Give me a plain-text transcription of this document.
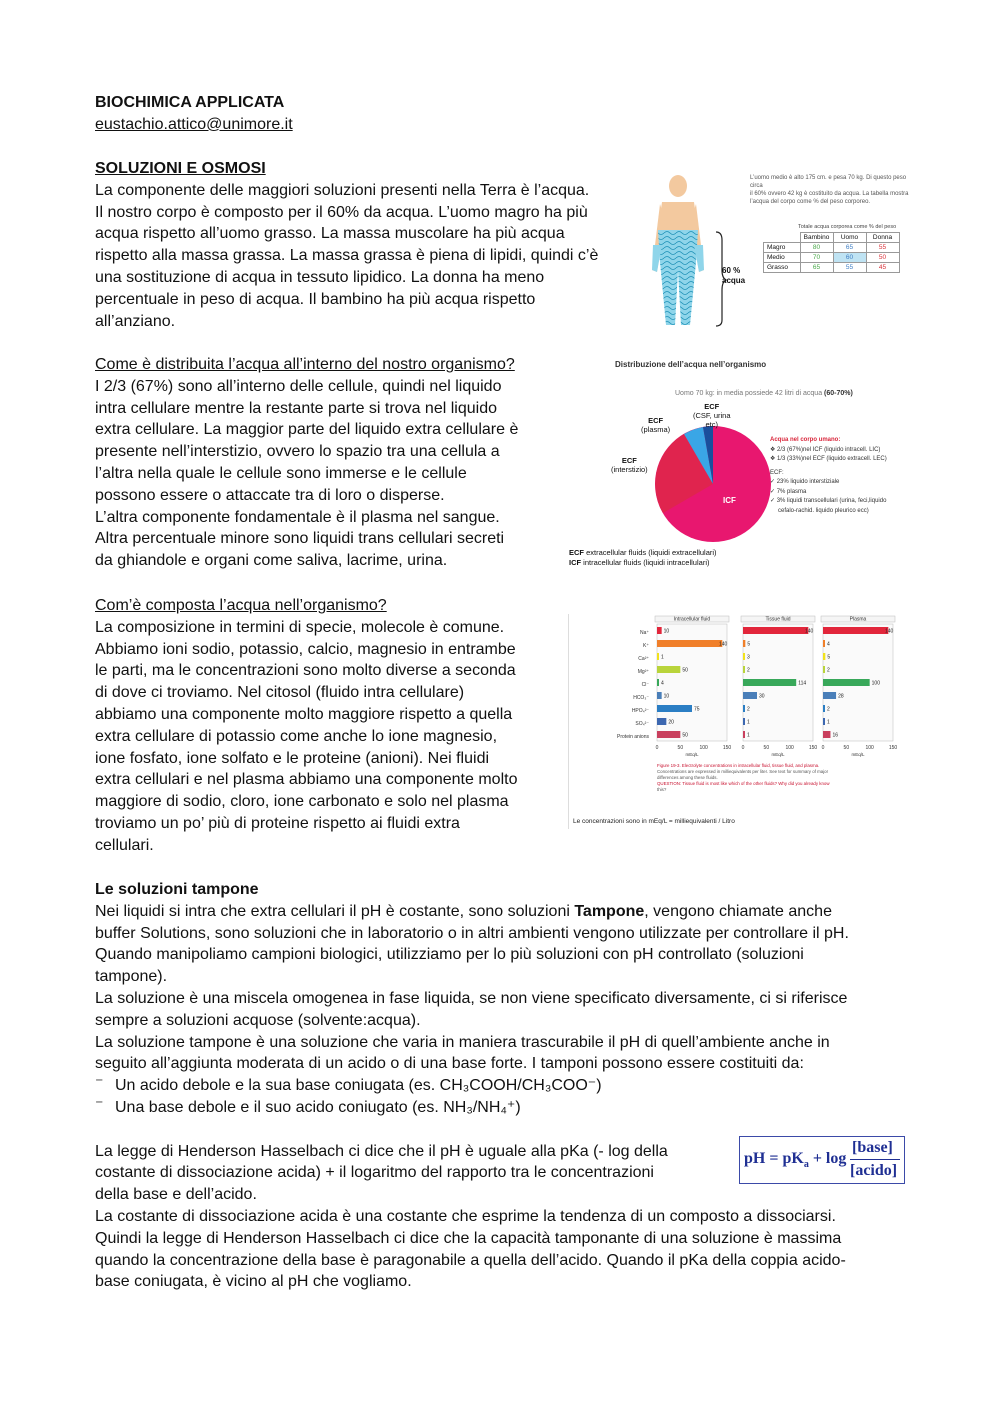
BIOCHIMICA APPLICATA

eustachio.attico@unimore.it

SOLUZIONI E OSMOSI

La componente delle maggiori soluzioni presenti nella Terra è l’acqua.

Il nostro corpo è composto per il 60% da acqua. L’uomo magro ha più

acqua rispetto all’uomo grasso. La massa muscolare ha più acqua

rispetto alla massa grassa. La massa grassa è piena di lipidi, quindi c’è

una sostituzione di acqua in tessuto lipidico. La donna ha meno

percentuale in peso di acqua. Il bambino ha più acqua rispetto

all’anziano.

60 %
acqua
L’uomo medio è alto 175 cm. e pesa 70 kg. Di questo peso circa
il 60% ovvero 42 kg è costituito da acqua. La tabella mostra
l’acqua del corpo come % del peso corporeo.
Totale acqua corporea come % del peso
	Bambino	Uomo	Donna
Magro	80	65	55
Medio	70	60	50
Grasso	65	55	45

Come è distribuita l’acqua all’interno del nostro organismo?

I 2/3 (67%) sono all’interno delle cellule, quindi nel liquido

intra cellulare mentre la restante parte si trova nel liquido

extra cellulare. La maggior parte del liquido extra cellulare è

presente nell’interstizio, ovvero lo spazio tra una cellula a

l’altra nella quale le cellule sono immerse e le cellule

possono essere o attaccate tra di loro o disperse.

L’altra componente fondamentale è il plasma nel sangue.

Altra percentuale minore sono liquidi trans cellulari secreti

da ghiandole e organi come saliva, lacrime, urina.

Distribuzione dell’acqua nell’organismo
Uomo 70 kg: in media possiede 42 litri di acqua (60-70%)
ECF
(CSF, urina
etc)
ECF
(plasma)
ECF
(interstizio)
ICF
Acqua nel corpo umano:
❖ 2/3 (67%)nel ICF (liquido intracell. LIC)
❖ 1/3 (33%)nel ECF (liquido extracell. LEC)
ECF:
✓ 23% liquido interstiziale
✓ 7% plasma
✓ 3% liquidi transcellulari (urina, feci,liquido
cefalo-rachid. liquido pleurico ecc)
ECF extracellular fluids (liquidi extracellulari)
ICF intracellular fluids (liquidi intracellulari)

Com’è composta l’acqua nell’organismo?

La composizione in termini di specie, molecole è comune.

Abbiamo ioni sodio, potassio, calcio, magnesio in entrambe

le parti, ma le concentrazioni sono molto diverse a seconda

di dove ci troviamo. Nel citosol (fluido intra cellulare)

abbiamo una componente molto maggiore rispetto a quella

extra cellulare di potassio come anche lo ione magnesio,

ione fosfato, ione solfato e le proteine (anioni). Nei fluidi

extra cellulari e nel plasma abbiamo una componente molto

maggiore di sodio, cloro, ione carbonato e solo nel plasma

troviamo un po’ più di proteine rispetto ai fluidi extra

cellulari.

Na⁺
K⁺
Ca²⁺
Mg²⁺
Cl⁻
HCO₃⁻
HPO₄²⁻
SO₄²⁻
Protein anions
Intracellular fluid
10
140
1
50
4
10
75
20
50
0	50	100	150
mEq/L
Tissue fluid
140
5
3
2
114
30
2
1
1
0	50	100	150
mEq/L
Plasma
140
4
5
2
100
28
2
1
16
0	50	100	150
mEq/L
Figure 19-3. Electrolyte concentrations in intracellular fluid, tissue fluid, and plasma.
Concentrations are expressed in milliequivalents per liter. See text for summary of major
differences among these fluids.
QUESTION: Tissue fluid is most like which of the other fluids? Why did you already know
this?
Le concentrazioni sono in mEq/L = milliequivalenti / Litro

Le soluzioni tampone

Nei liquidi si intra che extra cellulari il pH è costante, sono soluzioni Tampone, vengono chiamate anche

buffer Solutions, sono soluzioni che in laboratorio o in altri ambienti vengono utilizzate per controllare il pH.

Quando manipoliamo campioni biologici, utilizziamo per lo più soluzioni con pH controllato (soluzioni

tampone).

La soluzione è una miscela omogenea in fase liquida, se non viene specificato diversamente, ci si riferisce

sempre a soluzioni acquose (solvente:acqua).

La soluzione tampone è una soluzione che varia in maniera trascurabile il pH di quell’ambiente anche in

seguito all’aggiunta moderata di un acido o di una base forte. I tamponi possono essere costituiti da:

⁻ Un acido debole e la sua base coniugata (es. CH₃COOH/CH₃COO⁻)
⁻ Una base debole e il suo acido coniugato (es. NH₃/NH₄⁺)

La legge di Henderson Hasselbach ci dice che il pH è uguale alla pKa (- log della

costante di dissociazione acida) + il logaritmo del rapporto tra le concentrazioni

della base e dell’acido.

La costante di dissociazione acida è una costante che esprime la tendenza di un composto a dissociarsi.

Quindi la legge di Henderson Hasselbach ci dice che la capacità tamponante di una soluzione è massima

quando la concentrazione della base è paragonabile a quella dell’acido. Quando il pKa della coppia acido-

base coniugata, è vicino al pH che vogliamo.

pH = $pK_a + \log$
[base]
[acido]
